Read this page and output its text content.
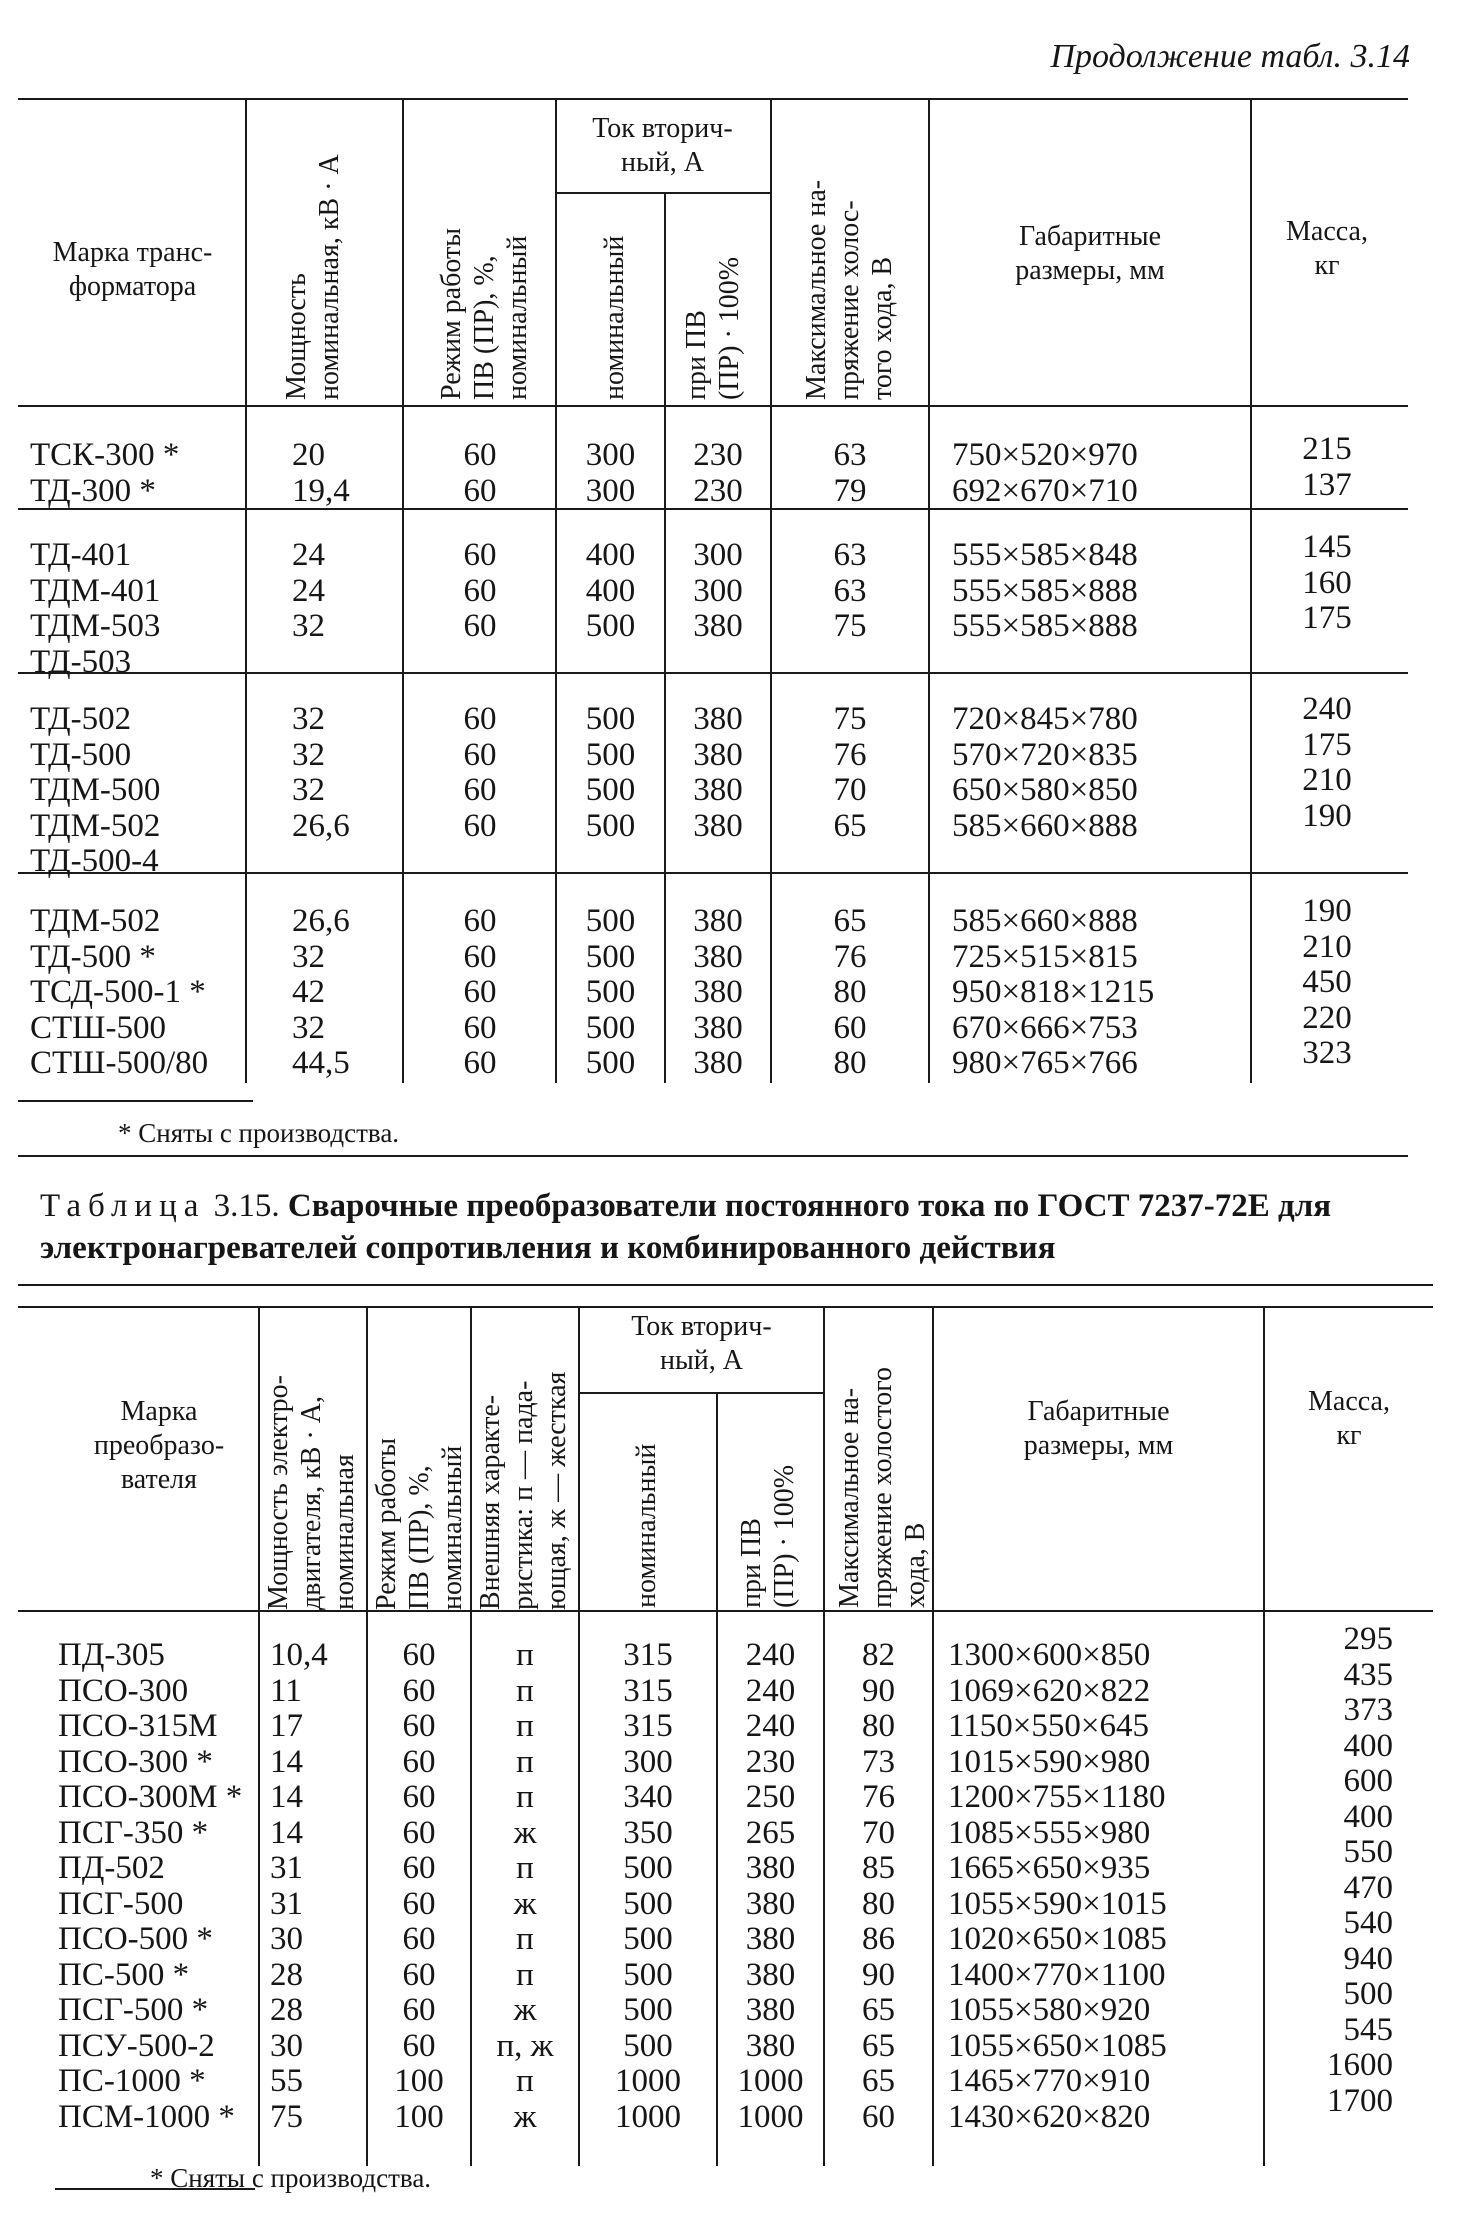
Продолжение табл. 3.14
Марка транс-
форматора	Мощность
номинальная, кВ · А
Режим работы
ПВ (ПР), %,
номинальный
Ток вторич-
ный, А
номинальный при ПВ
(ПР) · 100% Максимальное на-
пряжение холос-
того хода, В
Габаритные
размеры, мм
Масса,
кг
ТСК-300 *
ТД-300 *
20
19,4
60
60
300
300
230
230
63
79
750×520×970
692×670×710
215
137
ТД-401
ТДМ-401
ТДМ-503
ТД-503
24
24
32
60
60
60
400
400
500
300
300
380
63
63
75
555×585×848
555×585×888
555×585×888
145
160
175
ТД-502
ТД-500
ТДМ-500
ТДМ-502
ТД-500-4
32
32
32
26,6
60
60
60
60
500
500
500
500
380
380
380
380
75
76
70
65
720×845×780
570×720×835
650×580×850
585×660×888
240
175
210
190
ТДМ-502
ТД-500 *
ТСД-500-1 *
СТШ-500
СТШ-500/80
26,6
32
42
32
44,5
60
60
60
60
60
500
500
500
500
500
380
380
380
380
380
65
76
80
60
80
585×660×888
725×515×815
950×818×1215
670×666×753
980×765×766
190
210
450
220
323
* Сняты с производства.
Таблица 3.15. Сварочные преобразователи постоянного тока по ГОСТ 7237-72Е для электронагревателей сопротивления и комбинированного действия
Марка
преобразо-
вателя
Мощность электро-
двигателя, кВ · А,
номинальная Режим работы
ПВ (ПР), %,
номинальный Внешняя характе-
ристика: п — пада-
ющая, ж — жесткая
Ток вторич-
ный, А
номинальный	при ПВ
(ПР) · 100% Максимальное на-
пряжение холостого
хода, В
Габаритные
размеры, мм
Масса,
кг
ПД-305
ПСО-300
ПСО-315М
ПСО-300 *
ПСО-300М *
ПСГ-350 *
ПД-502
ПСГ-500
ПСО-500 *
ПС-500 *
ПСГ-500 *
ПСУ-500-2
ПС-1000 *
ПСМ-1000 *
10,4
11
17
14
14
14
31
31
30
28
28
30
55
75
60
60
60
60
60
60
60
60
60
60
60
60
100
100
п
п
п
п
п
ж
п
ж
п
п
ж
п, ж
п
ж
315
315
315
300
340
350
500
500
500
500
500
500
1000
1000
240
240
240
230
250
265
380
380
380
380
380
380
1000
1000
82
90
80
73
76
70
85
80
86
90
65
65
65
60
1300×600×850
1069×620×822
1150×550×645
1015×590×980
1200×755×1180
1085×555×980
1665×650×935
1055×590×1015
1020×650×1085
1400×770×1100
1055×580×920
1055×650×1085
1465×770×910
1430×620×820
295
435
373
400
600
400
550
470
540
940
500
545
1600
1700
* Сняты с производства.
